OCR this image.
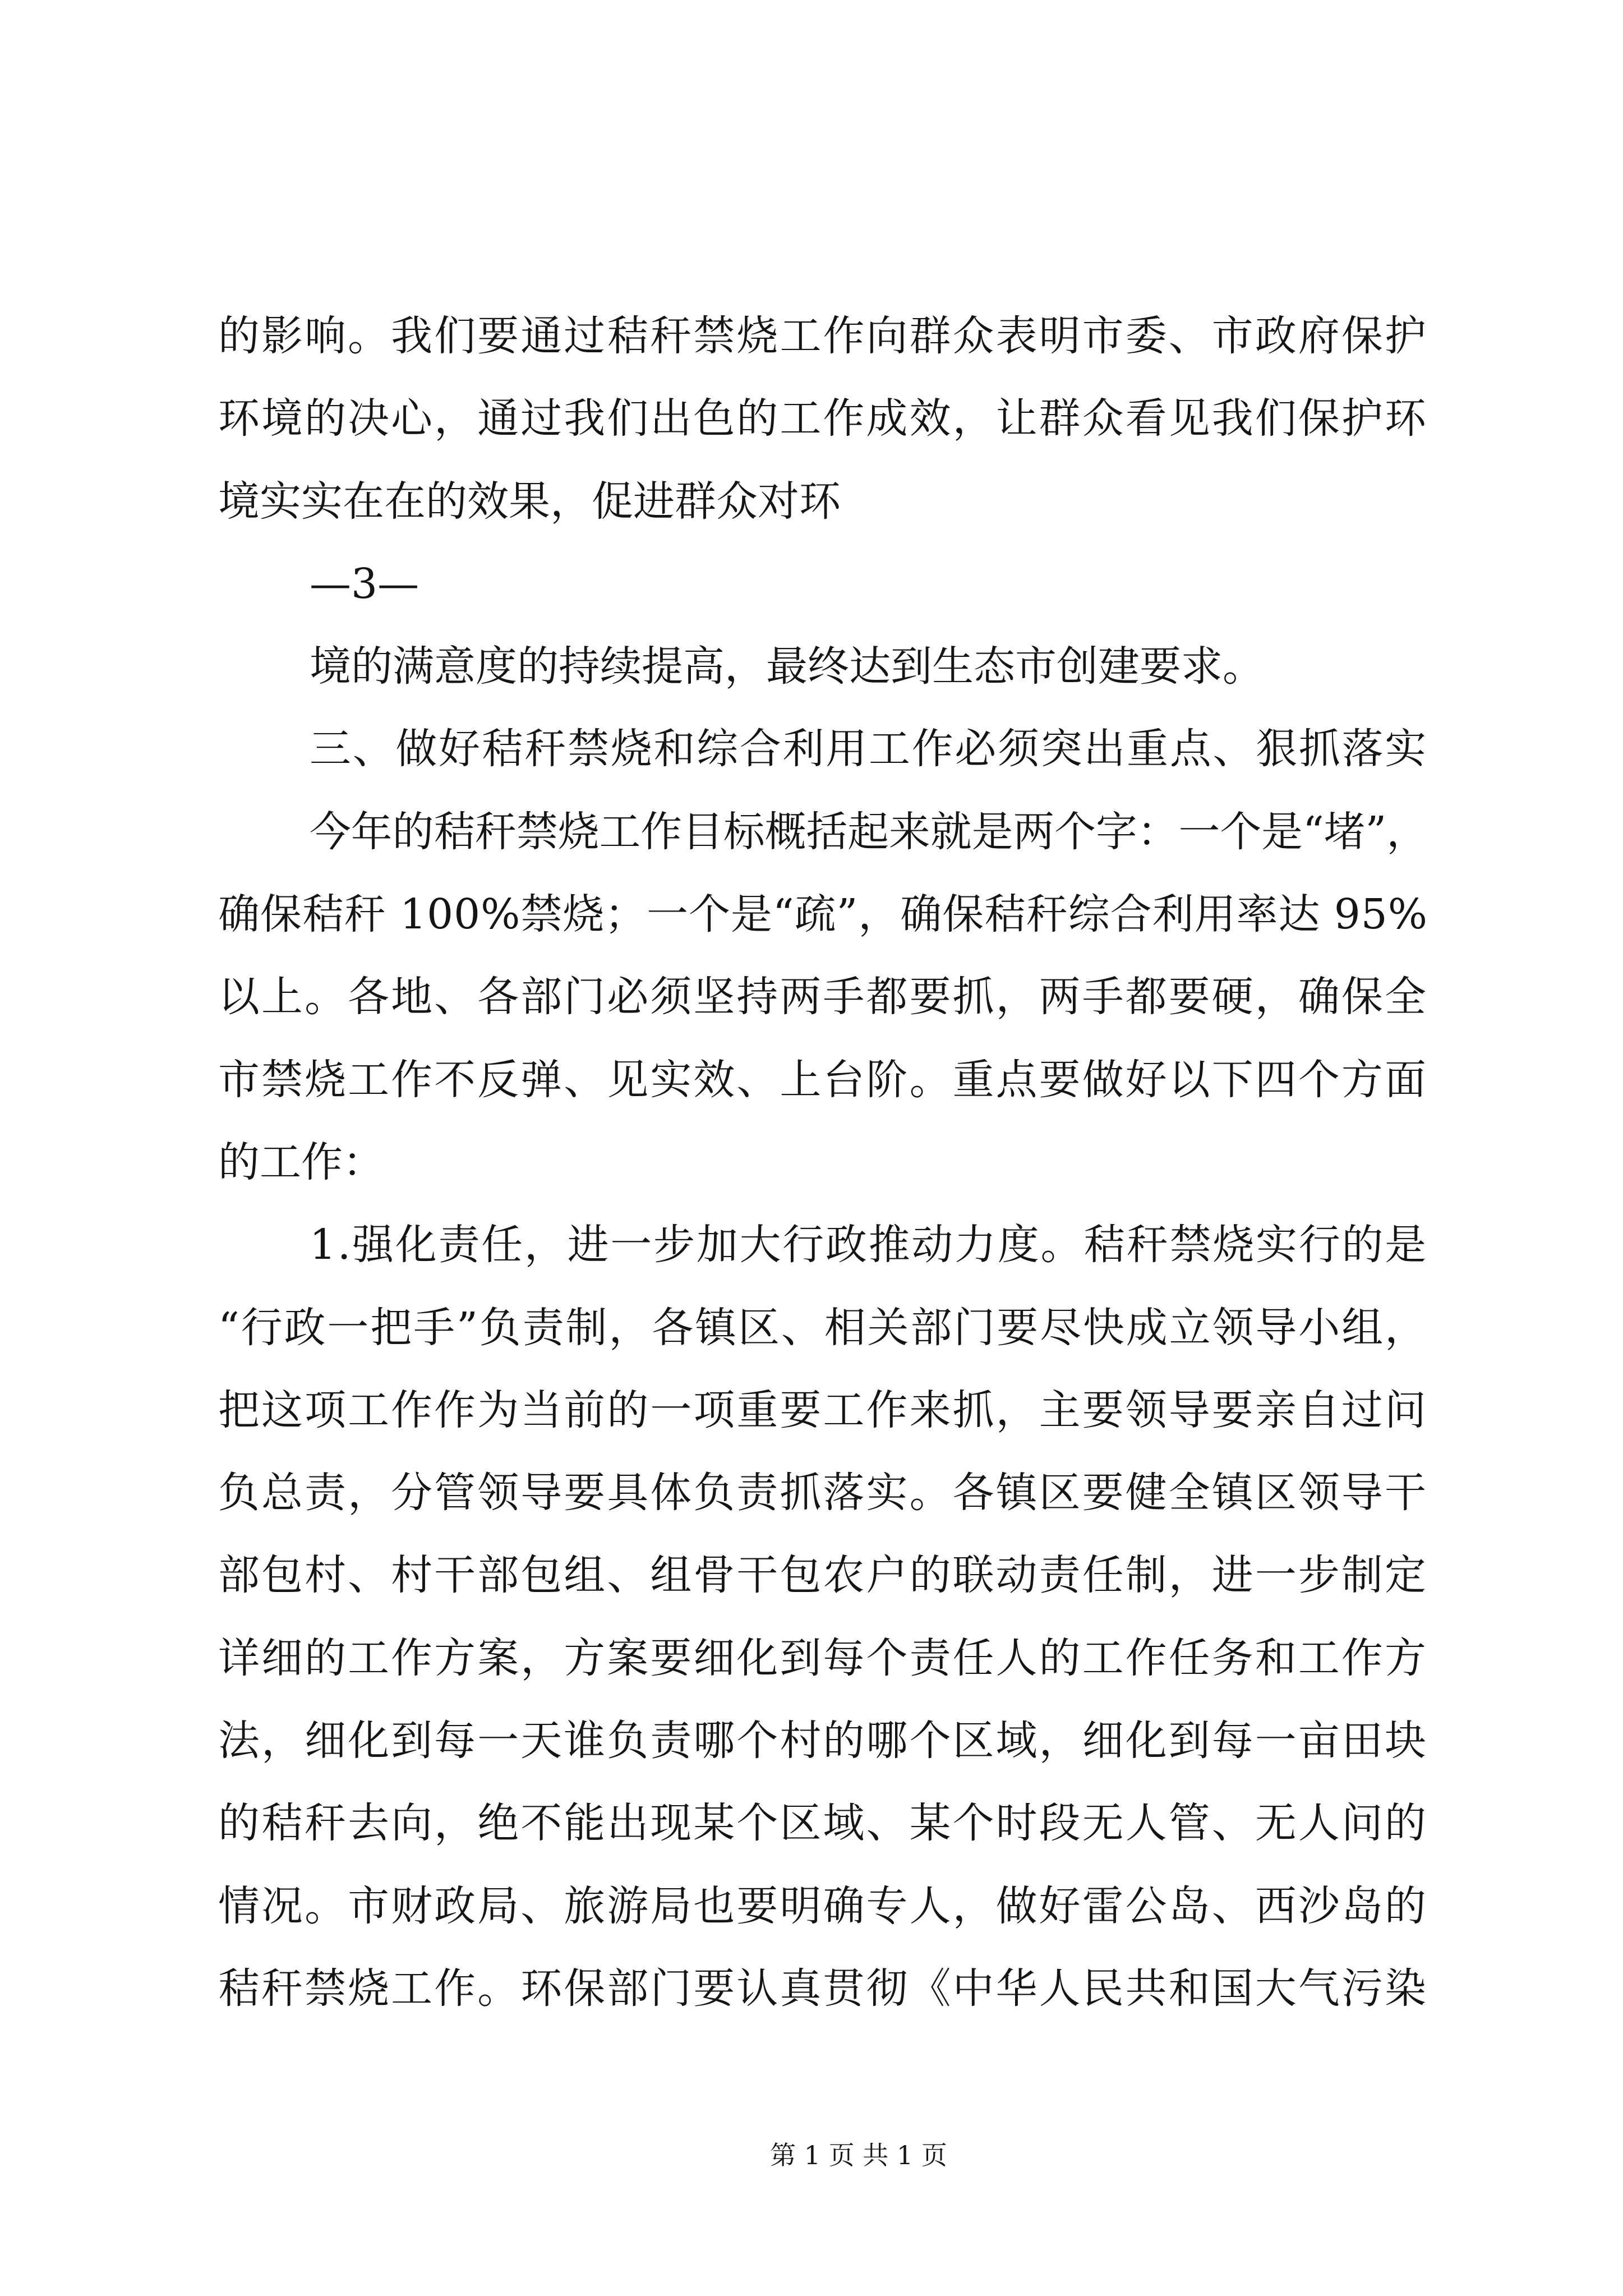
的影响。我们要通过秸秆禁烧工作向群众表明市委、市政府保护
环境的决心，通过我们出色的工作成效，让群众看见我们保护环
境实实在在的效果，促进群众对环
—3—
境的满意度的持续提高，最终达到生态市创建要求。
三、做好秸秆禁烧和综合利用工作必须突出重点、狠抓落实
今年的秸秆禁烧工作目标概括起来就是两个字：一个是“堵”，
确保秸秆 100%禁烧；一个是“疏”，确保秸秆综合利用率达 95%
以上。各地、各部门必须坚持两手都要抓，两手都要硬，确保全
市禁烧工作不反弹、见实效、上台阶。重点要做好以下四个方面
的工作：
1.强化责任，进一步加大行政推动力度。秸秆禁烧实行的是
“行政一把手”负责制，各镇区、相关部门要尽快成立领导小组，
把这项工作作为当前的一项重要工作来抓，主要领导要亲自过问
负总责，分管领导要具体负责抓落实。各镇区要健全镇区领导干
部包村、村干部包组、组骨干包农户的联动责任制，进一步制定
详细的工作方案，方案要细化到每个责任人的工作任务和工作方
法，细化到每一天谁负责哪个村的哪个区域，细化到每一亩田块
的秸秆去向，绝不能出现某个区域、某个时段无人管、无人问的
情况。市财政局、旅游局也要明确专人，做好雷公岛、西沙岛的
秸秆禁烧工作。环保部门要认真贯彻《中华人民共和国大气污染
第 1 页 共 1 页
